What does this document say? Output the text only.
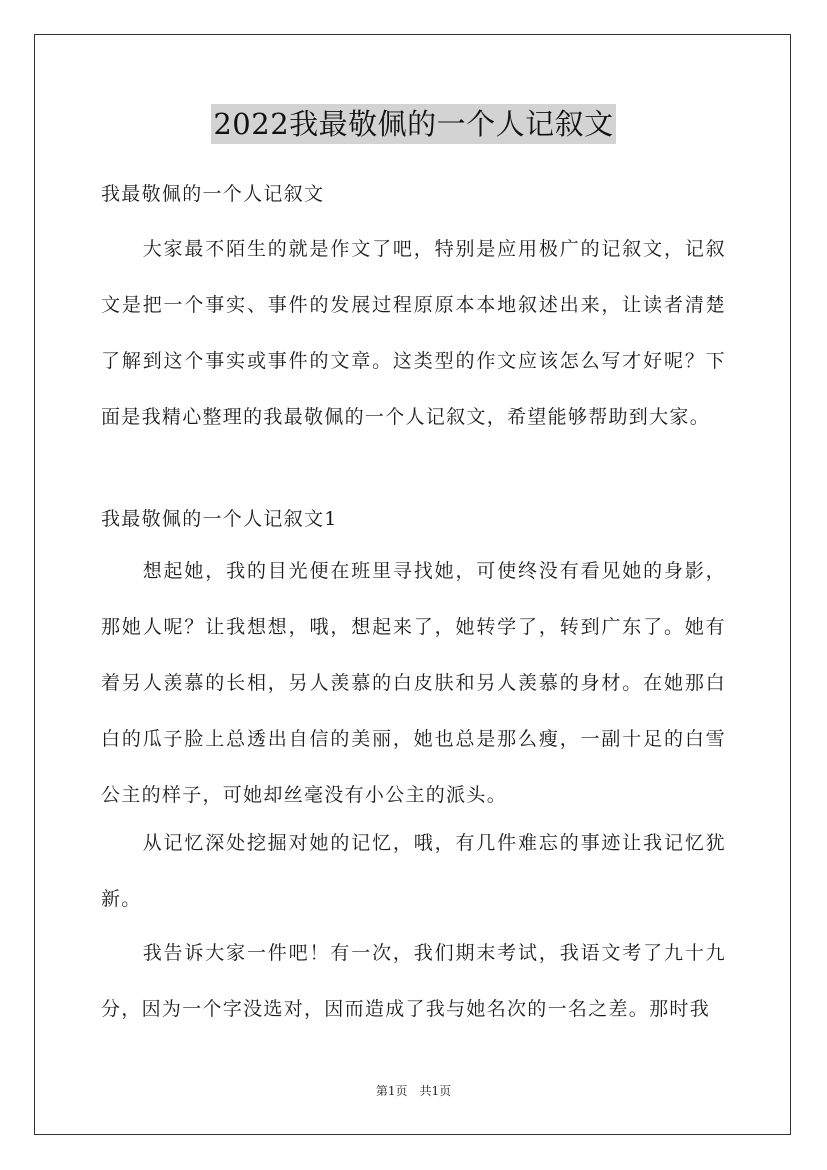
2022我最敬佩的一个人记叙文
我最敬佩的一个人记叙文

　　大家最不陌生的就是作文了吧，特别是应用极广的记叙文，记叙文是把一个事实、事件的发展过程原原本本地叙述出来，让读者清楚了解到这个事实或事件的文章。这类型的作文应该怎么写才好呢？下面是我精心整理的我最敬佩的一个人记叙文，希望能够帮助到大家。

我最敬佩的一个人记叙文1

　　想起她，我的目光便在班里寻找她，可使终没有看见她的身影，那她人呢？让我想想，哦，想起来了，她转学了，转到广东了。她有着另人羡慕的长相，另人羡慕的白皮肤和另人羡慕的身材。在她那白白的瓜子脸上总透出自信的美丽，她也总是那么瘦，一副十足的白雪公主的样子，可她却丝毫没有小公主的派头。

　　从记忆深处挖掘对她的记忆，哦，有几件难忘的事迹让我记忆犹新。

　　我告诉大家一件吧！有一次，我们期末考试，我语文考了九十九分，因为一个字没选对，因而造成了我与她名次的一名之差。那时我

第1页　共1页
